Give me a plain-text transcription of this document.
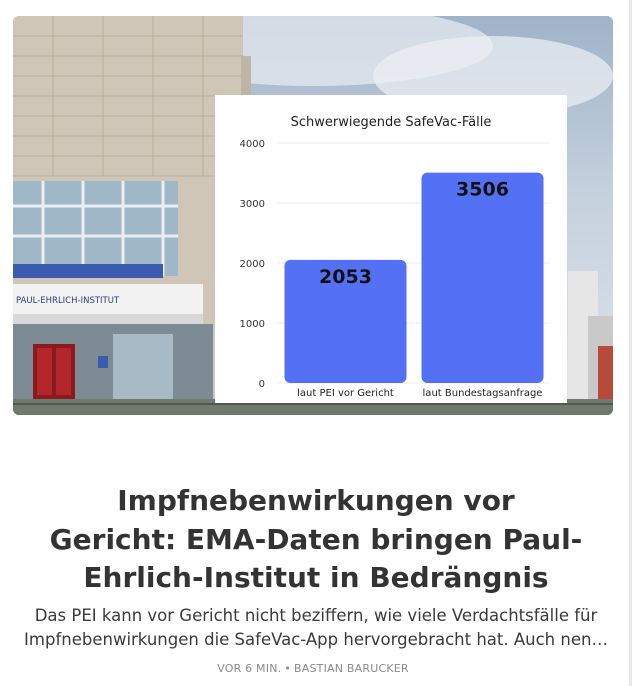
PAUL-EHRLICH-INSTITUT
Schwerwiegende SafeVac-Fälle
0
1000
2000
3000
4000
2053
3506
laut PEI vor Gericht	laut Bundestagsanfrage
Impfnebenwirkungen vor
Gericht: EMA-Daten bringen Paul-
Ehrlich-Institut in Bedrängnis

Das PEI kann vor Gericht nicht beziffern, wie viele Verdachtsfälle für
Impfnebenwirkungen die SafeVac-App hervorgebracht hat. Auch nen…

VOR 6 MIN. • BASTIAN BARUCKER
